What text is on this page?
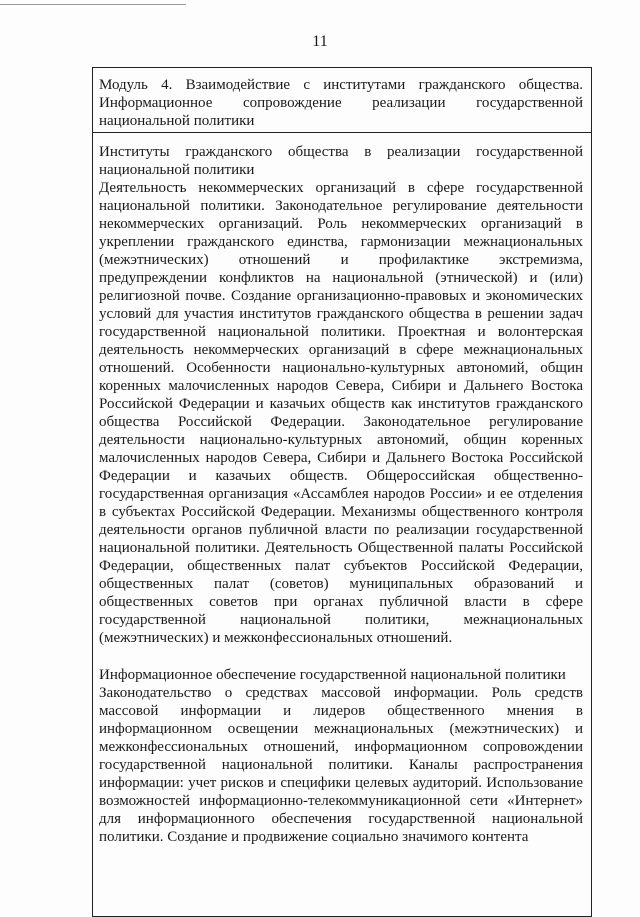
11
Модуль 4. Взаимодействие с институтами гражданского общества. Информационное сопровождение реализации государственной национальной политики

Институты гражданского общества в реализации государственной национальной политики

Деятельность некоммерческих организаций в сфере государственной национальной политики. Законодательное регулирование деятельности некоммерческих организаций. Роль некоммерческих организаций в укреплении гражданского единства, гармонизации межнациональных (межэтнических) отношений и профилактике экстремизма, предупреждении конфликтов на национальной (этнической) и (или) религиозной почве. Создание организационно-правовых и экономических условий для участия институтов гражданского общества в решении задач государственной национальной политики. Проектная и волонтерская деятельность некоммерческих организаций в сфере межнациональных отношений. Особенности национально-культурных автономий, общин коренных малочисленных народов Севера, Сибири и Дальнего Востока Российской Федерации и казачьих обществ как институтов гражданского общества Российской Федерации. Законодательное регулирование деятельности национально-культурных автономий, общин коренных малочисленных народов Севера, Сибири и Дальнего Востока Российской Федерации и казачьих обществ. Общероссийская общественно-государственная организация «Ассамблея народов России» и ее отделения в субъектах Российской Федерации. Механизмы общественного контроля деятельности органов публичной власти по реализации государственной национальной политики. Деятельность Общественной палаты Российской Федерации, общественных палат субъектов Российской Федерации, общественных палат (советов) муниципальных образований и общественных советов при органах публичной власти в сфере государственной национальной политики, межнациональных (межэтнических) и межконфессиональных отношений.

Информационное обеспечение государственной национальной политики

Законодательство о средствах массовой информации. Роль средств массовой информации и лидеров общественного мнения в информационном освещении межнациональных (межэтнических) и межконфессиональных отношений, информационном сопровождении государственной национальной политики. Каналы распространения информации: учет рисков и специфики целевых аудиторий. Использование возможностей информационно-телекоммуникационной сети «Интернет» для информационного обеспечения государственной национальной политики. Создание и продвижение социально значимого контента
